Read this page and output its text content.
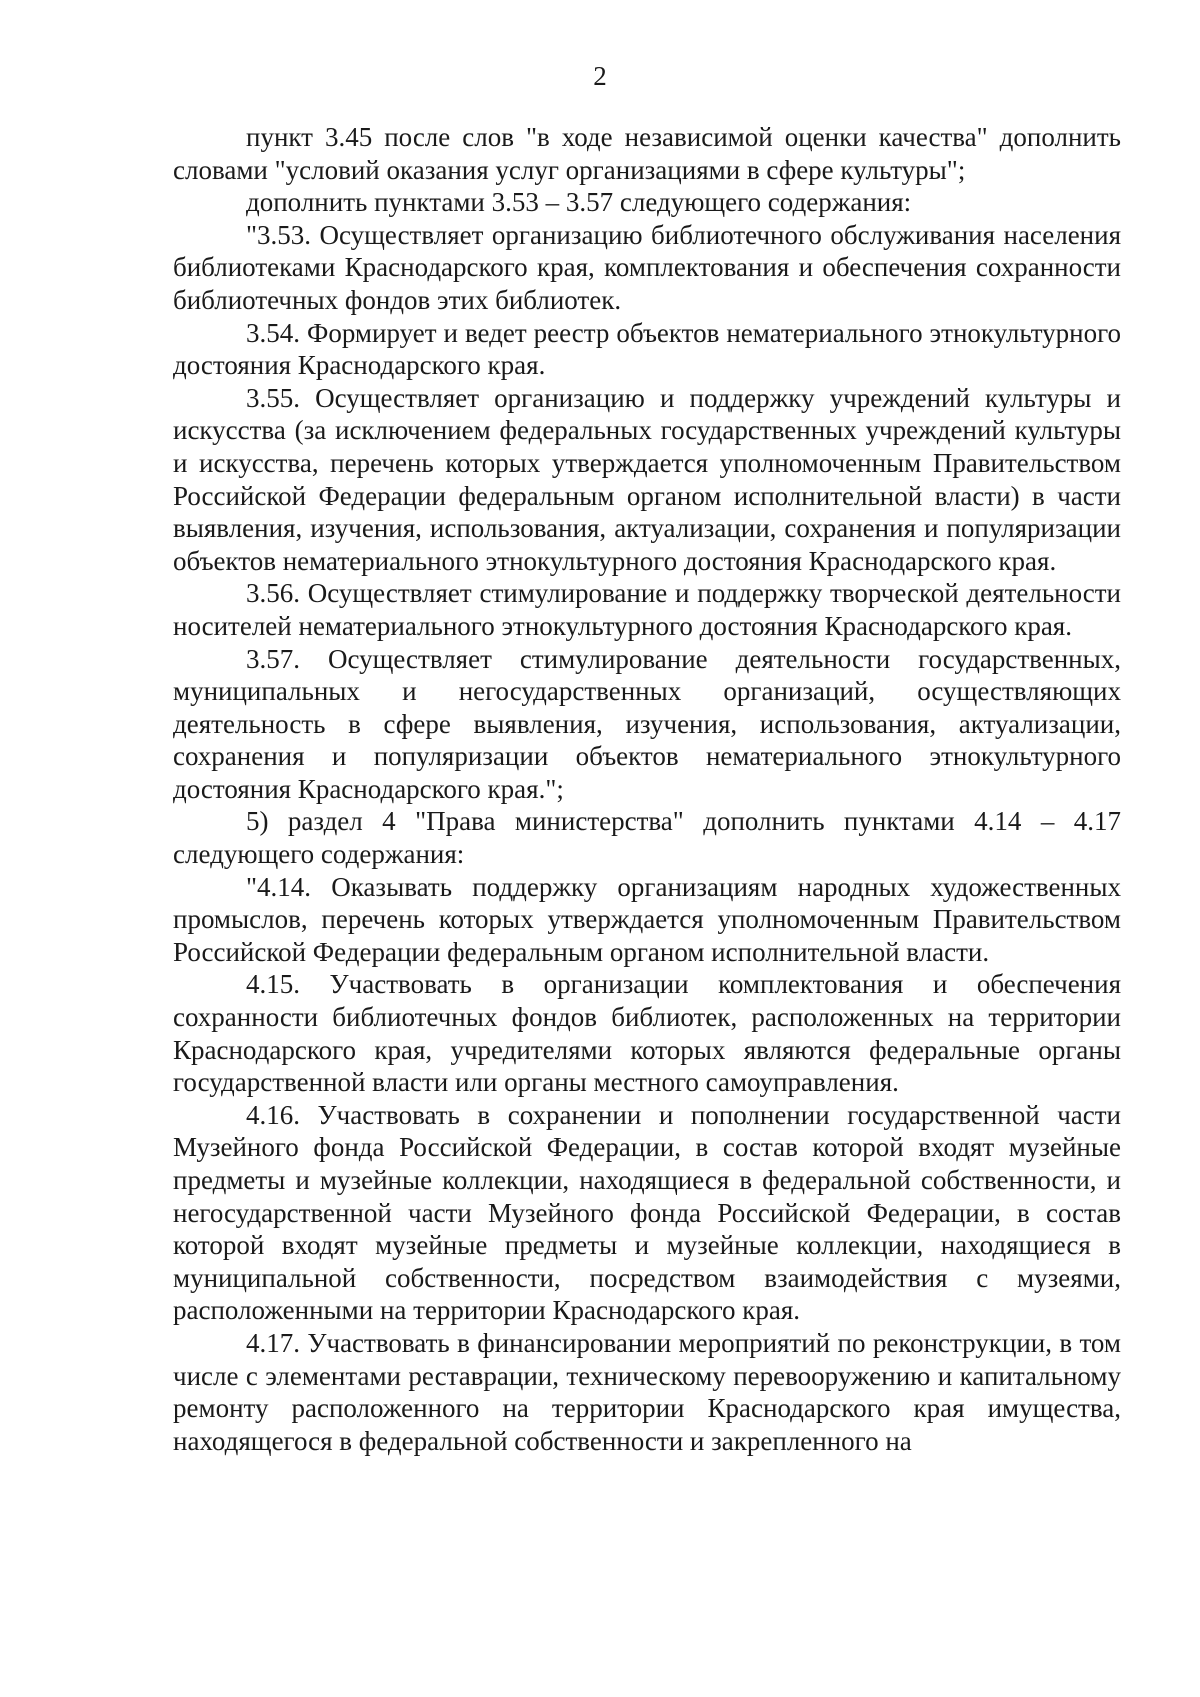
2

пункт 3.45 после слов "в ходе независимой оценки качества" дополнить словами "условий оказания услуг организациями в сфере культуры";

дополнить пунктами 3.53 – 3.57 следующего содержания:

"3.53. Осуществляет организацию библиотечного обслуживания населения библиотеками Краснодарского края, комплектования и обеспечения сохранности библиотечных фондов этих библиотек.

3.54. Формирует и ведет реестр объектов нематериального этнокультурного достояния Краснодарского края.

3.55. Осуществляет организацию и поддержку учреждений культуры и искусства (за исключением федеральных государственных учреждений культуры и искусства, перечень которых утверждается уполномоченным Правительством Российской Федерации федеральным органом исполнительной власти) в части выявления, изучения, использования, актуализации, сохранения и популяризации объектов нематериального этнокультурного достояния Краснодарского края.

3.56. Осуществляет стимулирование и поддержку творческой деятельности носителей нематериального этнокультурного достояния Краснодарского края.

3.57. Осуществляет стимулирование деятельности государственных, муниципальных и негосударственных организаций, осуществляющих деятельность в сфере выявления, изучения, использования, актуализации, сохранения и популяризации объектов нематериального этнокультурного достояния Краснодарского края.";

5) раздел 4 "Права министерства" дополнить пунктами 4.14 – 4.17 следующего содержания:

"4.14. Оказывать поддержку организациям народных художественных промыслов, перечень которых утверждается уполномоченным Правительством Российской Федерации федеральным органом исполнительной власти.

4.15. Участвовать в организации комплектования и обеспечения сохранности библиотечных фондов библиотек, расположенных на территории Краснодарского края, учредителями которых являются федеральные органы государственной власти или органы местного самоуправления.

4.16. Участвовать в сохранении и пополнении государственной части Музейного фонда Российской Федерации, в состав которой входят музейные предметы и музейные коллекции, находящиеся в федеральной собственности, и негосударственной части Музейного фонда Российской Федерации, в состав которой входят музейные предметы и музейные коллекции, находящиеся в муниципальной собственности, посредством взаимодействия с музеями, расположенными на территории Краснодарского края.

4.17. Участвовать в финансировании мероприятий по реконструкции, в том числе с элементами реставрации, техническому перевооружению и капитальному ремонту расположенного на территории Краснодарского края имущества, находящегося в федеральной собственности и закрепленного на
